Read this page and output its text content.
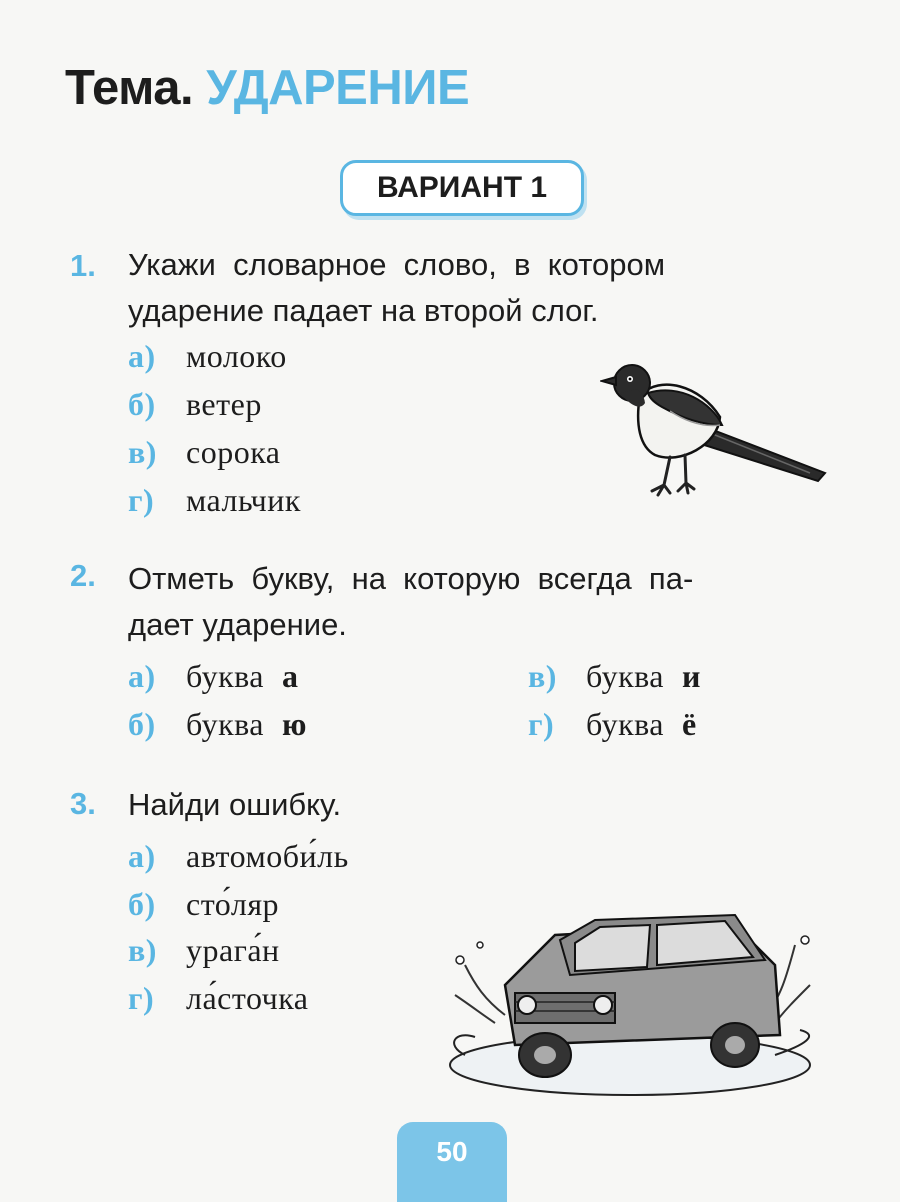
Тема. УДАРЕНИЕ
ВАРИАНТ 1
1. Укажи  словарное  слово,  в  котором
ударение падает на второй слог.
а) молоко
б) ветер
в) сорока
г) мальчик
2. Отметь  букву,  на  которую  всегда  па-
дает ударение.
а) буква а
б) буква ю
в) буква и
г) буква ё
3. Найди ошибку.
а) автомоби́ль
б) сто́ляр
в) урага́н
г) ла́сточка
50
